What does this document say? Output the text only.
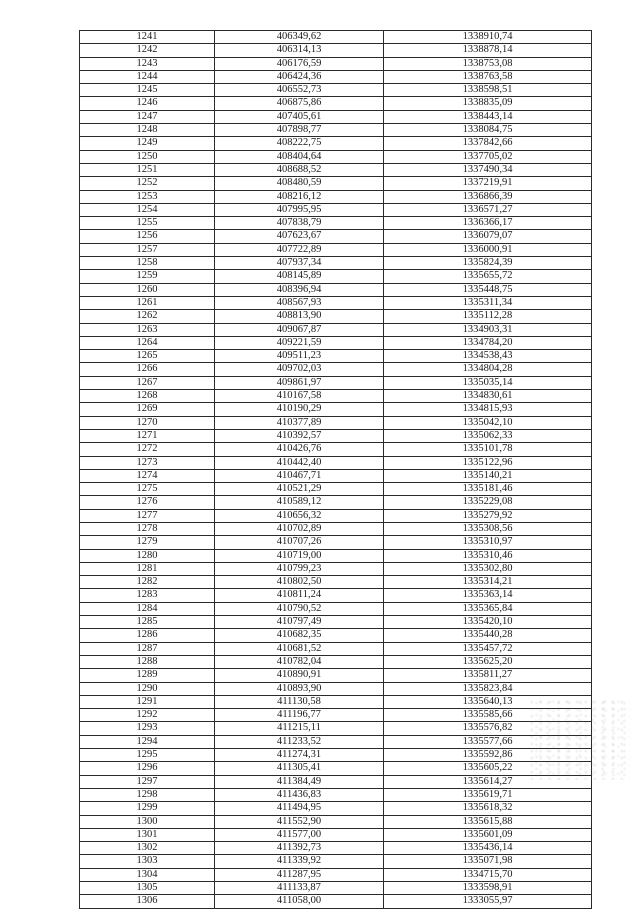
1241	406349,62	1338910,74
1242	406314,13	1338878,14
1243	406176,59	1338753,08
1244	406424,36	1338763,58
1245	406552,73	1338598,51
1246	406875,86	1338835,09
1247	407405,61	1338443,14
1248	407898,77	1338084,75
1249	408222,75	1337842,66
1250	408404,64	1337705,02
1251	408688,52	1337490,34
1252	408480,59	1337219,91
1253	408216,12	1336866,39
1254	407995,95	1336571,27
1255	407838,79	1336366,17
1256	407623,67	1336079,07
1257	407722,89	1336000,91
1258	407937,34	1335824,39
1259	408145,89	1335655,72
1260	408396,94	1335448,75
1261	408567,93	1335311,34
1262	408813,90	1335112,28
1263	409067,87	1334903,31
1264	409221,59	1334784,20
1265	409511,23	1334538,43
1266	409702,03	1334804,28
1267	409861,97	1335035,14
1268	410167,58	1334830,61
1269	410190,29	1334815,93
1270	410377,89	1335042,10
1271	410392,57	1335062,33
1272	410426,76	1335101,78
1273	410442,40	1335122,96
1274	410467,71	1335140,21
1275	410521,29	1335181,46
1276	410589,12	1335229,08
1277	410656,32	1335279,92
1278	410702,89	1335308,56
1279	410707,26	1335310,97
1280	410719,00	1335310,46
1281	410799,23	1335302,80
1282	410802,50	1335314,21
1283	410811,24	1335363,14
1284	410790,52	1335365,84
1285	410797,49	1335420,10
1286	410682,35	1335440,28
1287	410681,52	1335457,72
1288	410782,04	1335625,20
1289	410890,91	1335811,27
1290	410893,90	1335823,84
1291	411130,58	1335640,13
1292	411196,77	1335585,66
1293	411215,11	1335576,82
1294	411233,52	1335577,66
1295	411274,31	1335592,86
1296	411305,41	1335605,22
1297	411384,49	1335614,27
1298	411436,83	1335619,71
1299	411494,95	1335618,32
1300	411552,90	1335615,88
1301	411577,00	1335601,09
1302	411392,73	1335436,14
1303	411339,92	1335071,98
1304	411287,95	1334715,70
1305	411133,87	1333598,91
1306	411058,00	1333055,97
